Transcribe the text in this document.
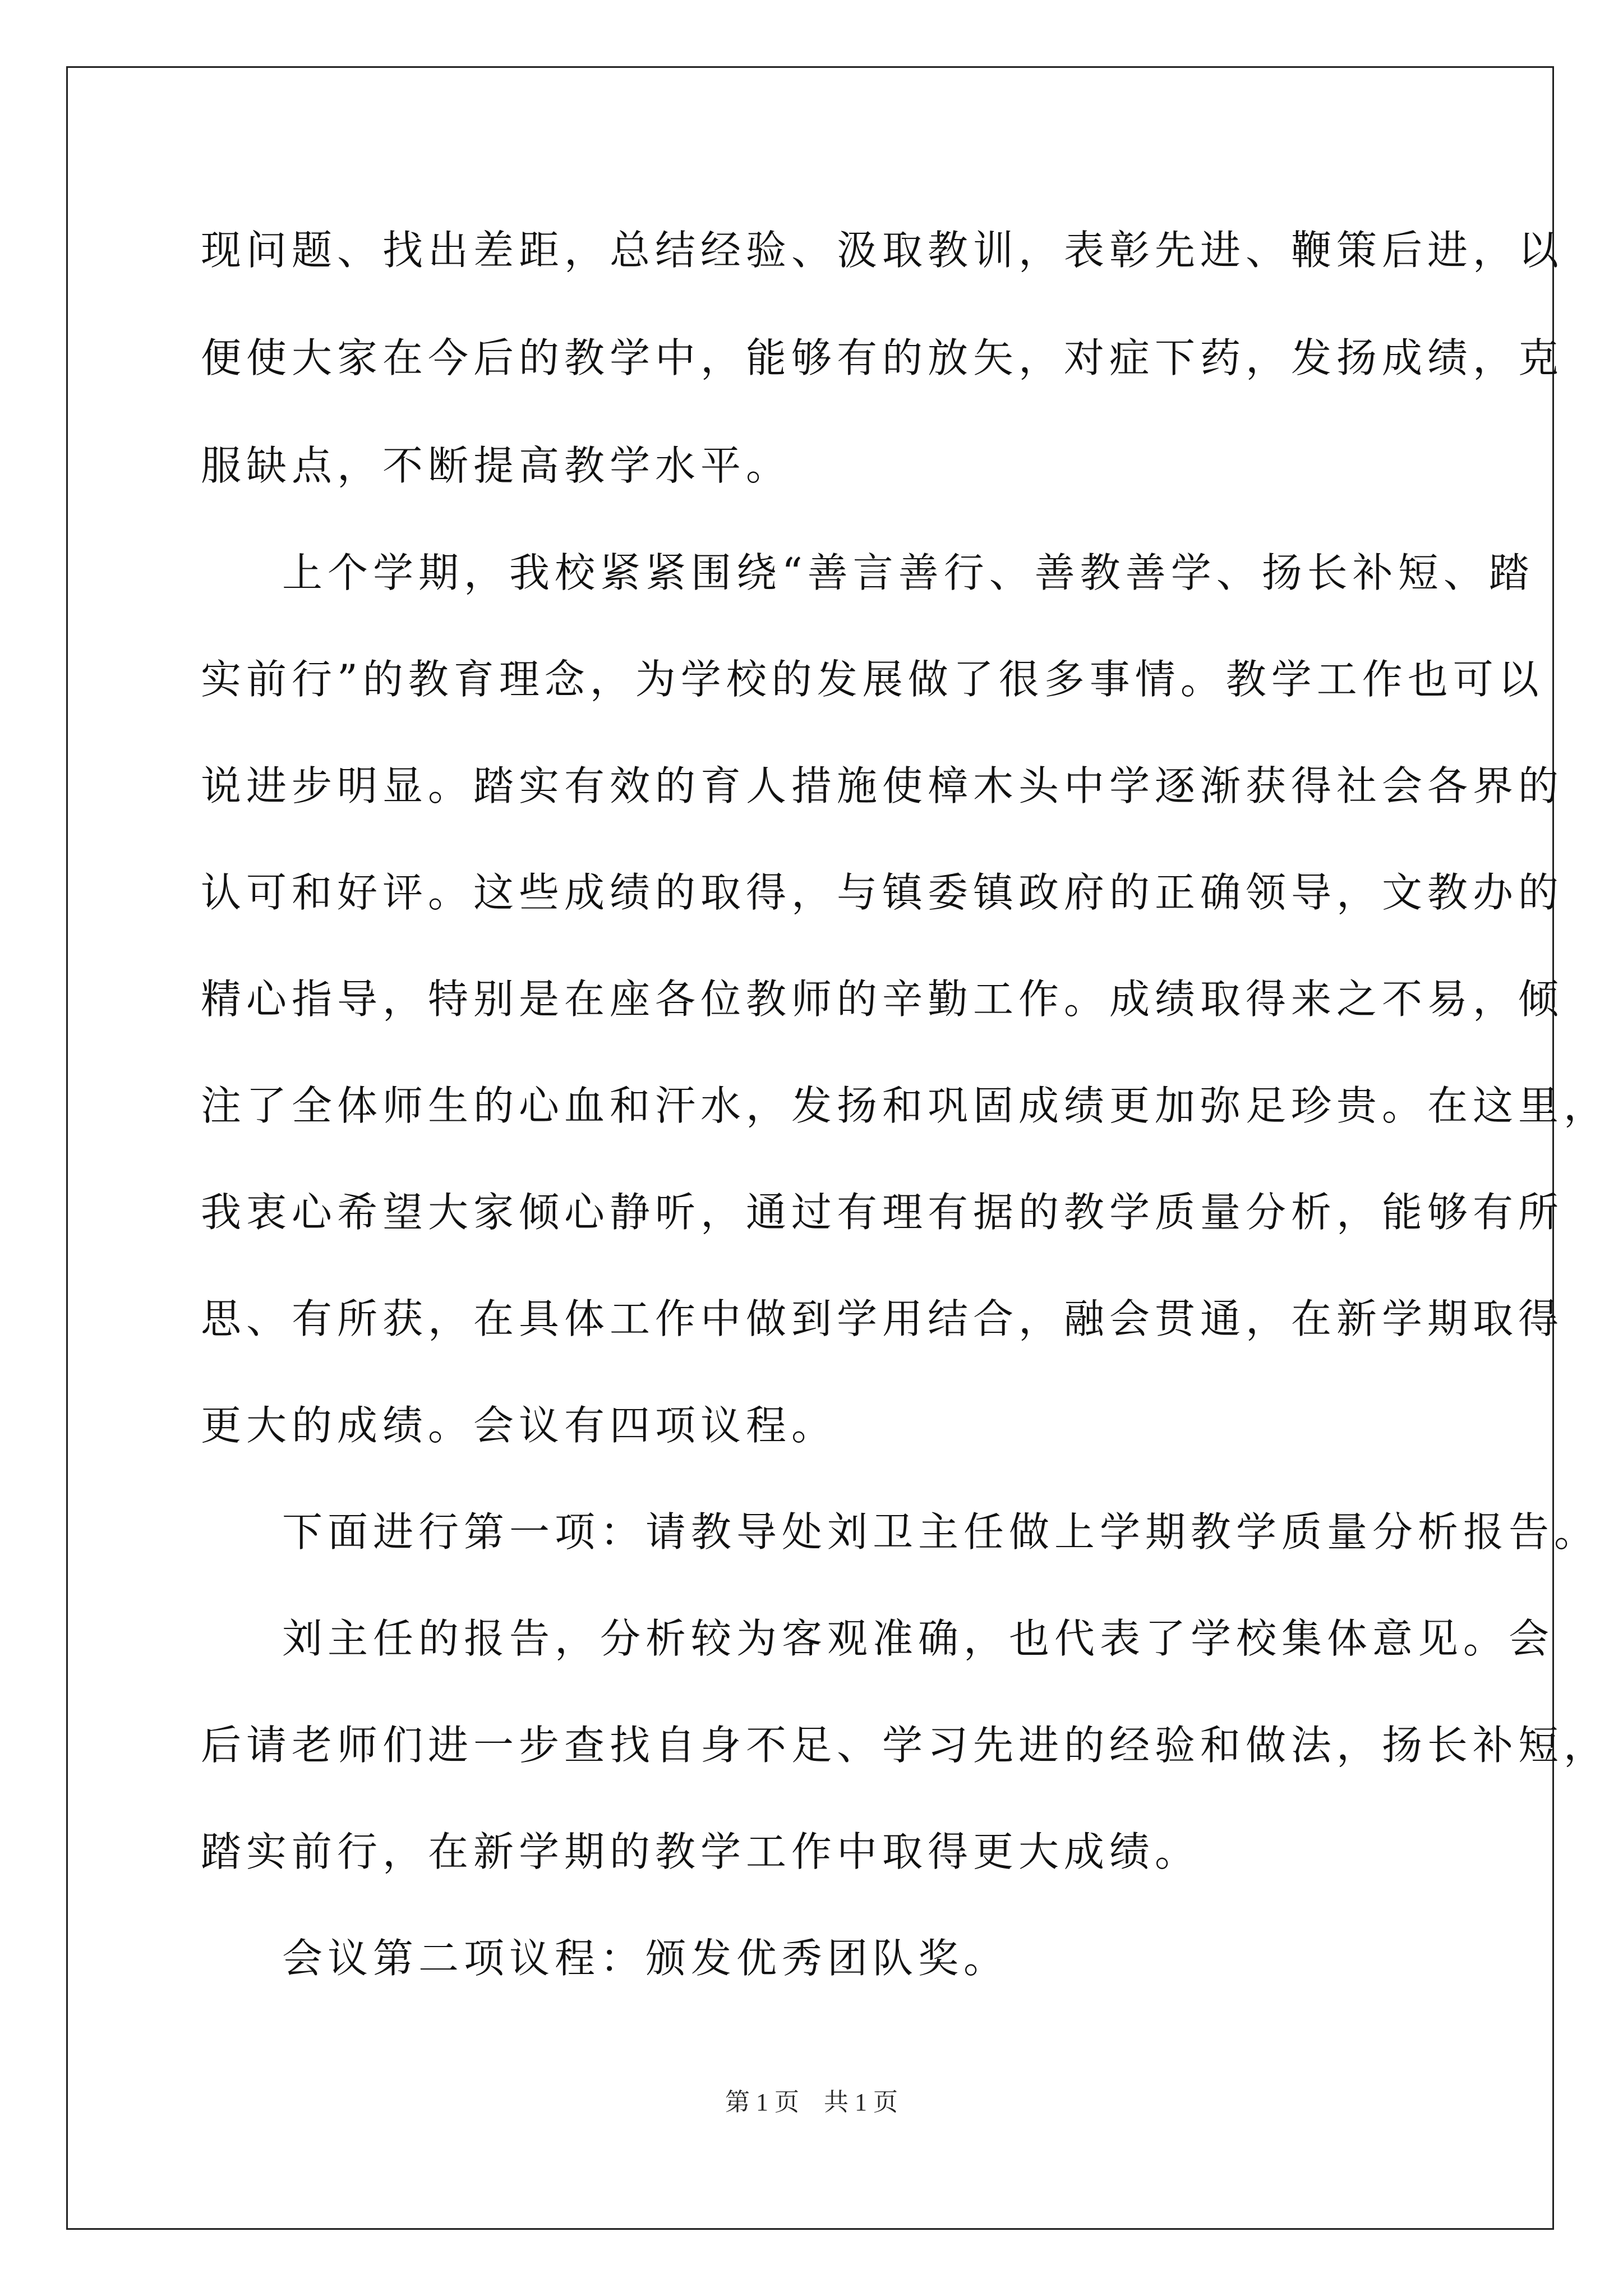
现问题、找出差距，总结经验、汲取教训，表彰先进、鞭策后进，以
便使大家在今后的教学中，能够有的放矢，对症下药，发扬成绩，克
服缺点，不断提高教学水平。
上个学期，我校紧紧围绕“善言善行、善教善学、扬长补短、踏
实前行”的教育理念，为学校的发展做了很多事情。教学工作也可以
说进步明显。踏实有效的育人措施使樟木头中学逐渐获得社会各界的
认可和好评。这些成绩的取得，与镇委镇政府的正确领导，文教办的
精心指导，特别是在座各位教师的辛勤工作。成绩取得来之不易，倾
注了全体师生的心血和汗水，发扬和巩固成绩更加弥足珍贵。在这里，
我衷心希望大家倾心静听，通过有理有据的教学质量分析，能够有所
思、有所获，在具体工作中做到学用结合，融会贯通，在新学期取得
更大的成绩。会议有四项议程。
下面进行第一项：请教导处刘卫主任做上学期教学质量分析报告。
刘主任的报告，分析较为客观准确，也代表了学校集体意见。会
后请老师们进一步查找自身不足、学习先进的经验和做法，扬长补短，
踏实前行，在新学期的教学工作中取得更大成绩。
会议第二项议程：颁发优秀团队奖。
第 1 页　共 1 页
